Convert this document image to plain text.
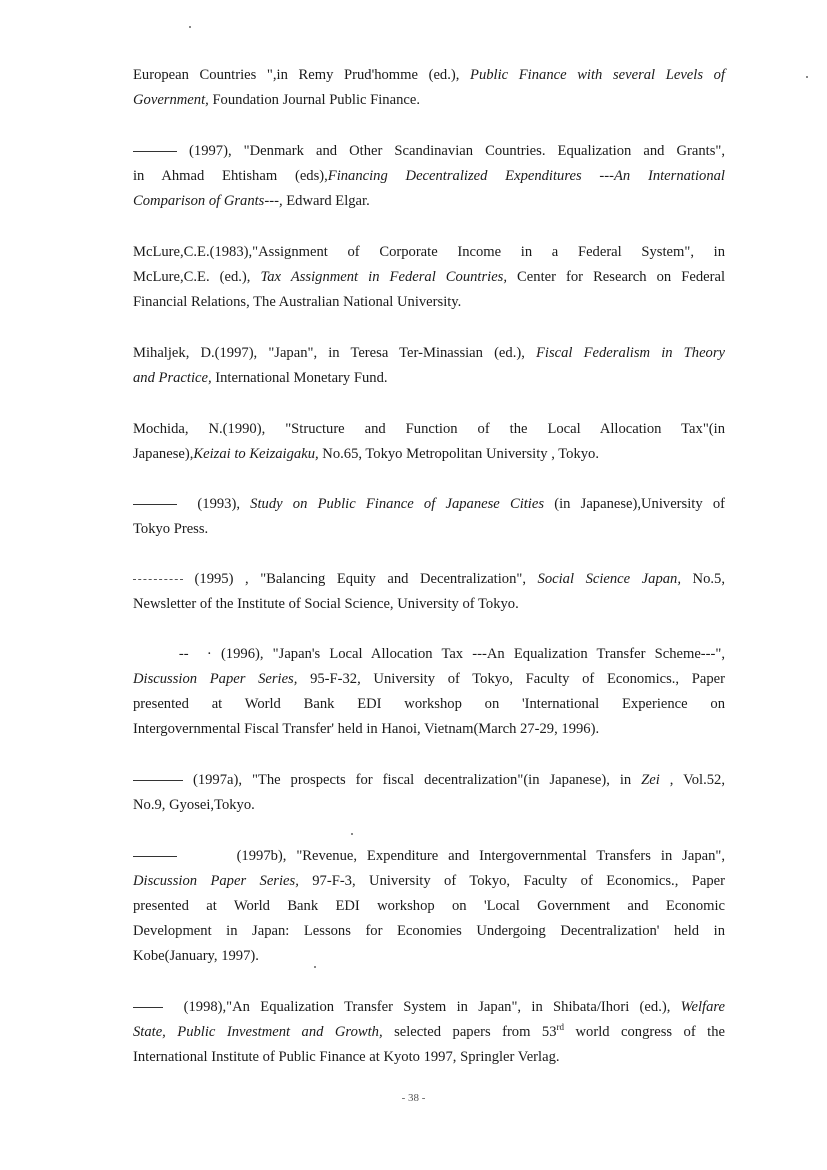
European Countries ",in Remy Prud'homme (ed.), Public Finance with several Levels of
Government, Foundation Journal Public Finance.
(1997), "Denmark and Other Scandinavian Countries. Equalization and Grants",
in Ahmad Ehtisham (eds),Financing Decentralized Expenditures ---An International
Comparison of Grants---, Edward Elgar.
McLure,C.E.(1983),"Assignment of Corporate Income in a Federal System", in
McLure,C.E. (ed.), Tax Assignment in Federal Countries, Center for Research on Federal
Financial Relations, The Australian National University.
Mihaljek, D.(1997), "Japan", in Teresa Ter-Minassian (ed.), Fiscal Federalism in Theory
and Practice, International Monetary Fund.
Mochida, N.(1990), "Structure and Function of the Local Allocation Tax"(in
Japanese),Keizai to Keizaigaku, No.65, Tokyo Metropolitan University , Tokyo.
(1993), Study on Public Finance of Japanese Cities (in Japanese),University of
Tokyo Press.
(1995) , "Balancing Equity and Decentralization", Social Science Japan, No.5,
Newsletter of the Institute of Social Science, University of Tokyo.
--  · (1996), "Japan's Local Allocation Tax ---An Equalization Transfer Scheme---",
Discussion Paper Series, 95-F-32, University of Tokyo, Faculty of Economics., Paper
presented at World Bank EDI workshop on 'International Experience on
Intergovernmental Fiscal Transfer' held in Hanoi, Vietnam(March 27-29, 1996).
(1997a), "The prospects for fiscal decentralization"(in Japanese), in Zei , Vol.52,
No.9, Gyosei,Tokyo.
(1997b), "Revenue, Expenditure and Intergovernmental Transfers in Japan",
Discussion Paper Series, 97-F-3, University of Tokyo, Faculty of Economics., Paper
presented at World Bank EDI workshop on 'Local Government and Economic
Development in Japan: Lessons for Economies Undergoing Decentralization' held in
Kobe(January, 1997).
(1998),"An Equalization Transfer System in Japan", in Shibata/Ihori (ed.), Welfare
State, Public Investment and Growth, selected papers from 53rd world congress of the
International Institute of Public Finance at Kyoto 1997, Springler Verlag.
- 38 -
